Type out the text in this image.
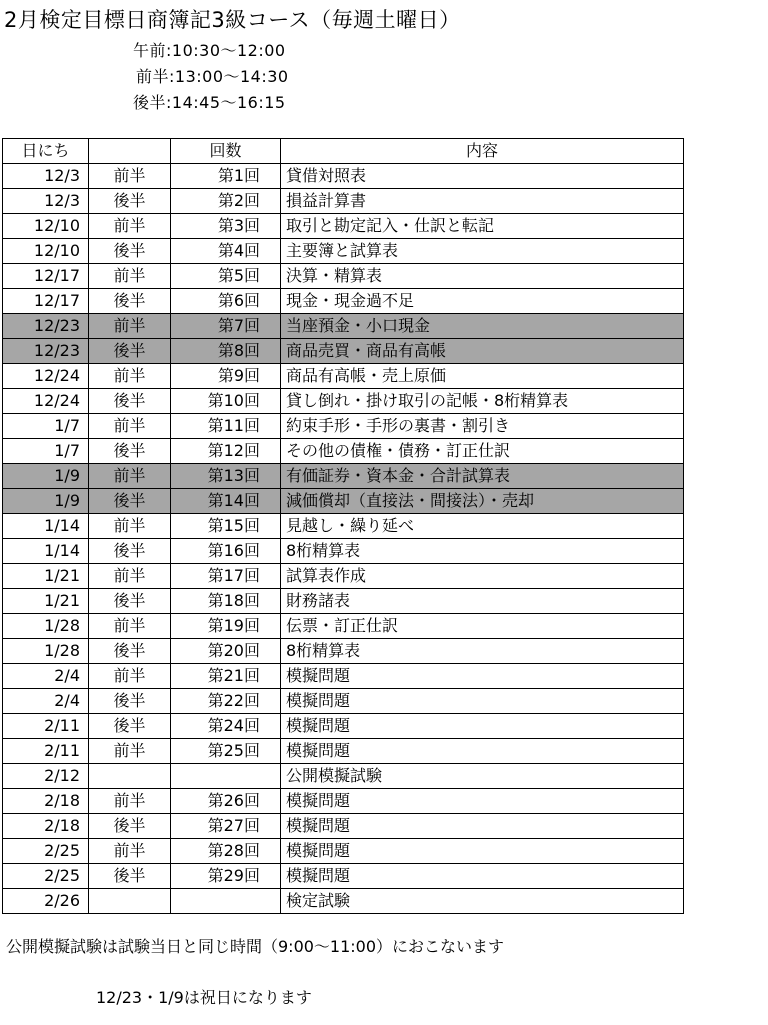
2月検定目標日商簿記3級コース（毎週土曜日）
午前:10:30〜12:00
前半:13:00〜14:30
後半:14:45〜16:15
日にち		回数	内容
12/3	前半	第1回	貸借対照表
12/3	後半	第2回	損益計算書
12/10	前半	第3回	取引と勘定記入・仕訳と転記
12/10	後半	第4回	主要簿と試算表
12/17	前半	第5回	決算・精算表
12/17	後半	第6回	現金・現金過不足
12/23	前半	第7回	当座預金・小口現金
12/23	後半	第8回	商品売買・商品有高帳
12/24	前半	第9回	商品有高帳・売上原価
12/24	後半	第10回	貸し倒れ・掛け取引の記帳・8桁精算表
1/7	前半	第11回	約束手形・手形の裏書・割引き
1/7	後半	第12回	その他の債権・債務・訂正仕訳
1/9	前半	第13回	有価証券・資本金・合計試算表
1/9	後半	第14回	減価償却（直接法・間接法）・売却
1/14	前半	第15回	見越し・繰り延べ
1/14	後半	第16回	8桁精算表
1/21	前半	第17回	試算表作成
1/21	後半	第18回	財務諸表
1/28	前半	第19回	伝票・訂正仕訳
1/28	後半	第20回	8桁精算表
2/4	前半	第21回	模擬問題
2/4	後半	第22回	模擬問題
2/11	後半	第24回	模擬問題
2/11	前半	第25回	模擬問題
2/12			公開模擬試験
2/18	前半	第26回	模擬問題
2/18	後半	第27回	模擬問題
2/25	前半	第28回	模擬問題
2/25	後半	第29回	模擬問題
2/26			検定試験
公開模擬試験は試験当日と同じ時間（9:00〜11:00）におこないます
12/23・1/9は祝日になります
